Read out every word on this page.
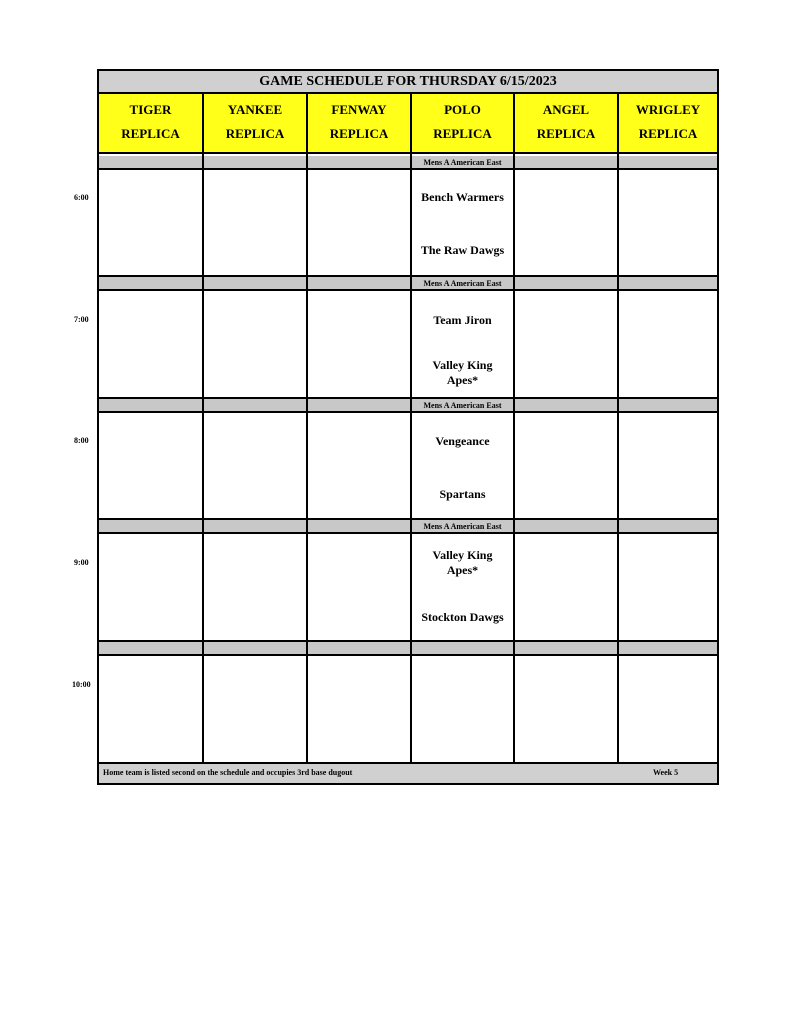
GAME SCHEDULE FOR THURSDAY 6/15/2023
TIGER
REPLICA
YANKEE
REPLICA
FENWAY
REPLICA
POLO
REPLICA
ANGEL
REPLICA
WRIGLEY
REPLICA
Mens A American East
Bench Warmers
The Raw Dawgs
Mens A American East
Team Jiron
Valley King Apes*
Mens A American East
Vengeance
Spartans
Mens A American East
Valley King Apes*
Stockton Dawgs
Home team is listed second on the schedule and occupies 3rd base dugout	Week 5
6:00
7:00
8:00
9:00
10:00
